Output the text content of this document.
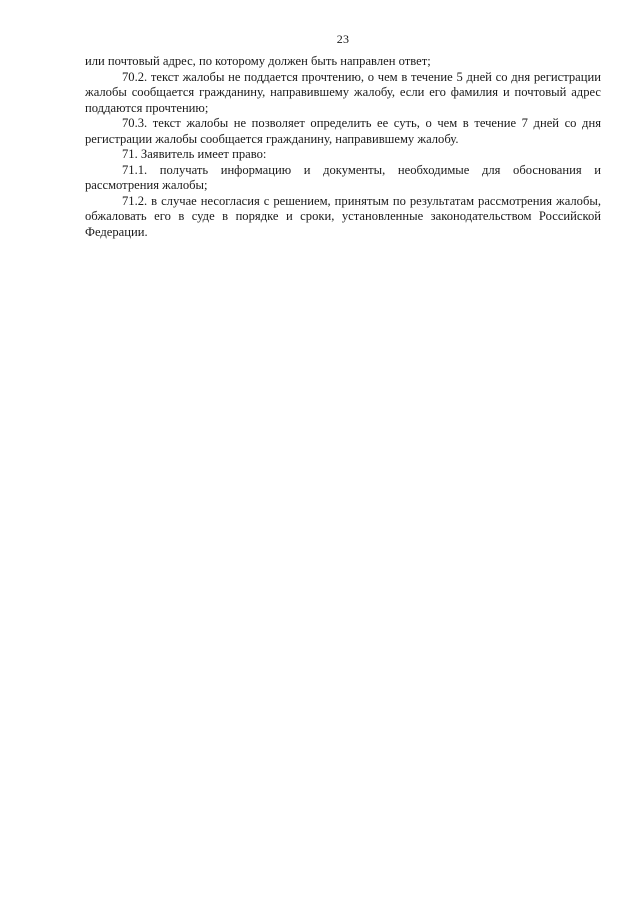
23

или почтовый адрес, по которому должен быть направлен ответ;

70.2. текст жалобы не поддается прочтению, о чем в течение 5 дней со дня регистрации жалобы сообщается гражданину, направившему жалобу, если его фамилия и почтовый адрес поддаются прочтению;

70.3. текст жалобы не позволяет определить ее суть, о чем в течение 7 дней со дня регистрации жалобы сообщается гражданину, направившему жалобу.

71. Заявитель имеет право:

71.1. получать информацию и документы, необходимые для обоснования и рассмотрения жалобы;

71.2. в случае несогласия с решением, принятым по результатам рассмотрения жалобы, обжаловать его в суде в порядке и сроки, установленные законодательством Российской Федерации.
